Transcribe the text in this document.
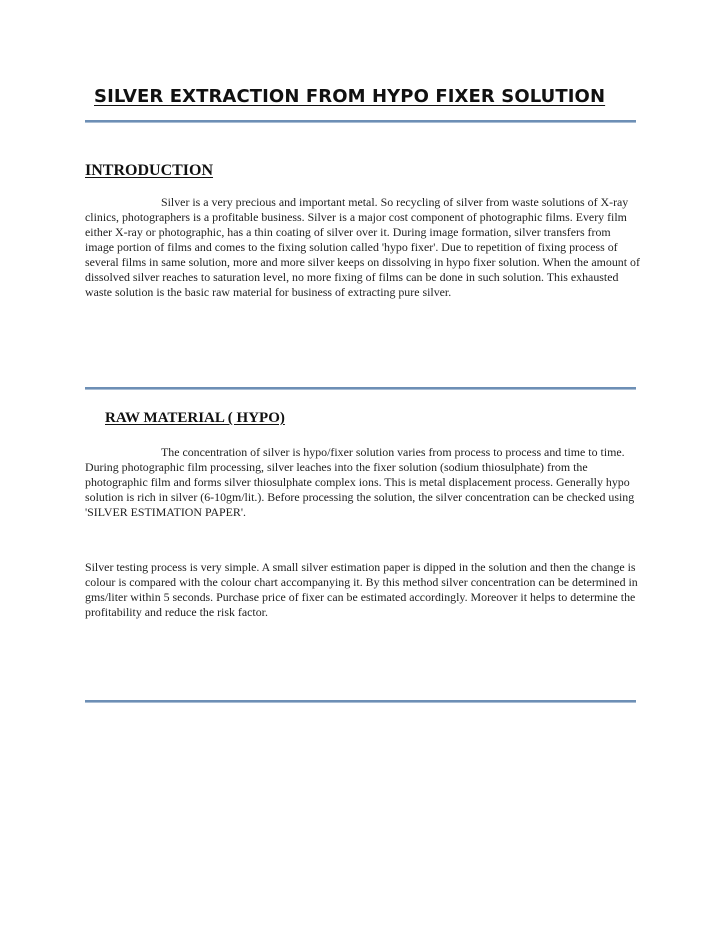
SILVER EXTRACTION FROM HYPO FIXER SOLUTION
INTRODUCTION

Silver is a very precious and important metal. So recycling of silver from waste solutions of X-ray clinics, photographers is a profitable business. Silver is a major cost component of photographic films. Every film either X-ray or photographic, has a thin coating of silver over it. During image formation, silver transfers from image portion of films and comes to the fixing solution called 'hypo fixer'. Due to repetition of fixing process of several films in same solution, more and more silver keeps on dissolving in hypo fixer solution. When the amount of dissolved silver reaches to saturation level, no more fixing of films can be done in such solution. This exhausted waste solution is the basic raw material for business of extracting pure silver.

RAW MATERIAL ( HYPO)

The concentration of silver is hypo/fixer solution varies from process to process and time to time. During photographic film processing, silver leaches into the fixer solution (sodium thiosulphate) from the photographic film and forms silver thiosulphate complex ions. This is metal displacement process. Generally hypo solution is rich in silver (6-10gm/lit.). Before processing the solution, the silver concentration can be checked using 'SILVER ESTIMATION PAPER'.

Silver testing process is very simple. A small silver estimation paper is dipped in the solution and then the change is colour is compared with the colour chart accompanying it. By this method silver concentration can be determined in gms/liter within 5 seconds. Purchase price of fixer can be estimated accordingly. Moreover it helps to determine the profitability and reduce the risk factor.
